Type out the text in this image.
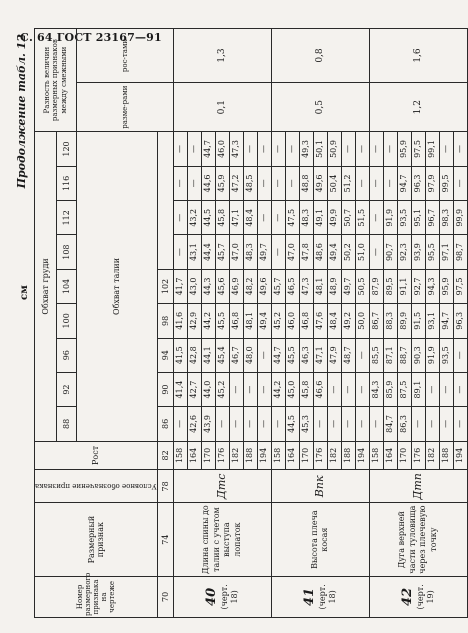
С. 64 ГОСТ 23167—91
Продолжение табл. 12
см
Номер размерного признака на чертеже	Размерный признак	Условное обозначение признака	Рост	Обхват груди									Разность величин размерных признаков между смежными	
				88	92	96	100	104	108	112	116	120		
				Обхват талии									разме-рами	рос-тами
70	74	78	82	86	90	94	98	102						
40
(черт. 18)	Длина спины до талии с учетом выступа лопаток	Дтс	158	—	41,4	41,5	41,6	41,7	—	—	—	—	0,1	1,3
			164	42,6	42,7	42,8	42,9	43,0	43,1	43,2	—	—		
			170	43,9	44,0	44,1	44,2	44,3	44,4	44,5	44,6	44,7		
			176	—	45,2	45,4	45,5	45,6	45,7	45,8	45,9	46,0		
			182	—	—	46,7	46,8	46,9	47,0	47,1	47,2	47,3		
			188	—	—	48,0	48,1	48,2	48,3	48,4	48,5	—		
			194	—	—	—	49,4	49,6	49,7	—	—	—		
41
(черт. 18)	Высота плеча косая	Впк	158	—	44,2	44,7	45,2	45,7	—	—	—	—	0,5	0,8
			164	44,5	45,0	45,5	46,0	46,5	47,0	47,5	—	—		
			170	45,3	45,8	46,3	46,8	47,3	47,8	48,3	48,8	49,3		
			176	—	46,6	47,1	47,6	48,1	48,6	49,1	49,6	50,1		
			182	—	—	47,9	48,4	48,9	49,4	49,9	50,4	50,9		
			188	—	—	48,7	49,2	49,7	50,2	50,7	51,2	—		
			194	—	—	—	50,0	50,5	51,0	51,5	—	—		
42
(черт. 19)	Дуга верхней части туловища через плечевую точку	Дтп	158	—	84,3	85,5	86,7	87,9	—	—	—	—	1,2	1,6
			164	84,7	85,9	87,1	88,3	89,5	90,7	91,9	—	—		
			170	86,3	87,5	88,7	89,9	91,1	92,3	93,5	94,7	95,9		
			176	—	89,1	90,3	91,5	92,7	93,9	95,1	96,3	97,5		
			182	—	—	91,9	93,1	94,3	95,5	96,7	97,9	99,1		
			188	—	—	93,5	94,7	95,9	97,1	98,3	99,5	—		
			194	—	—	—	96,3	97,5	98,7	99,9	—	—		
